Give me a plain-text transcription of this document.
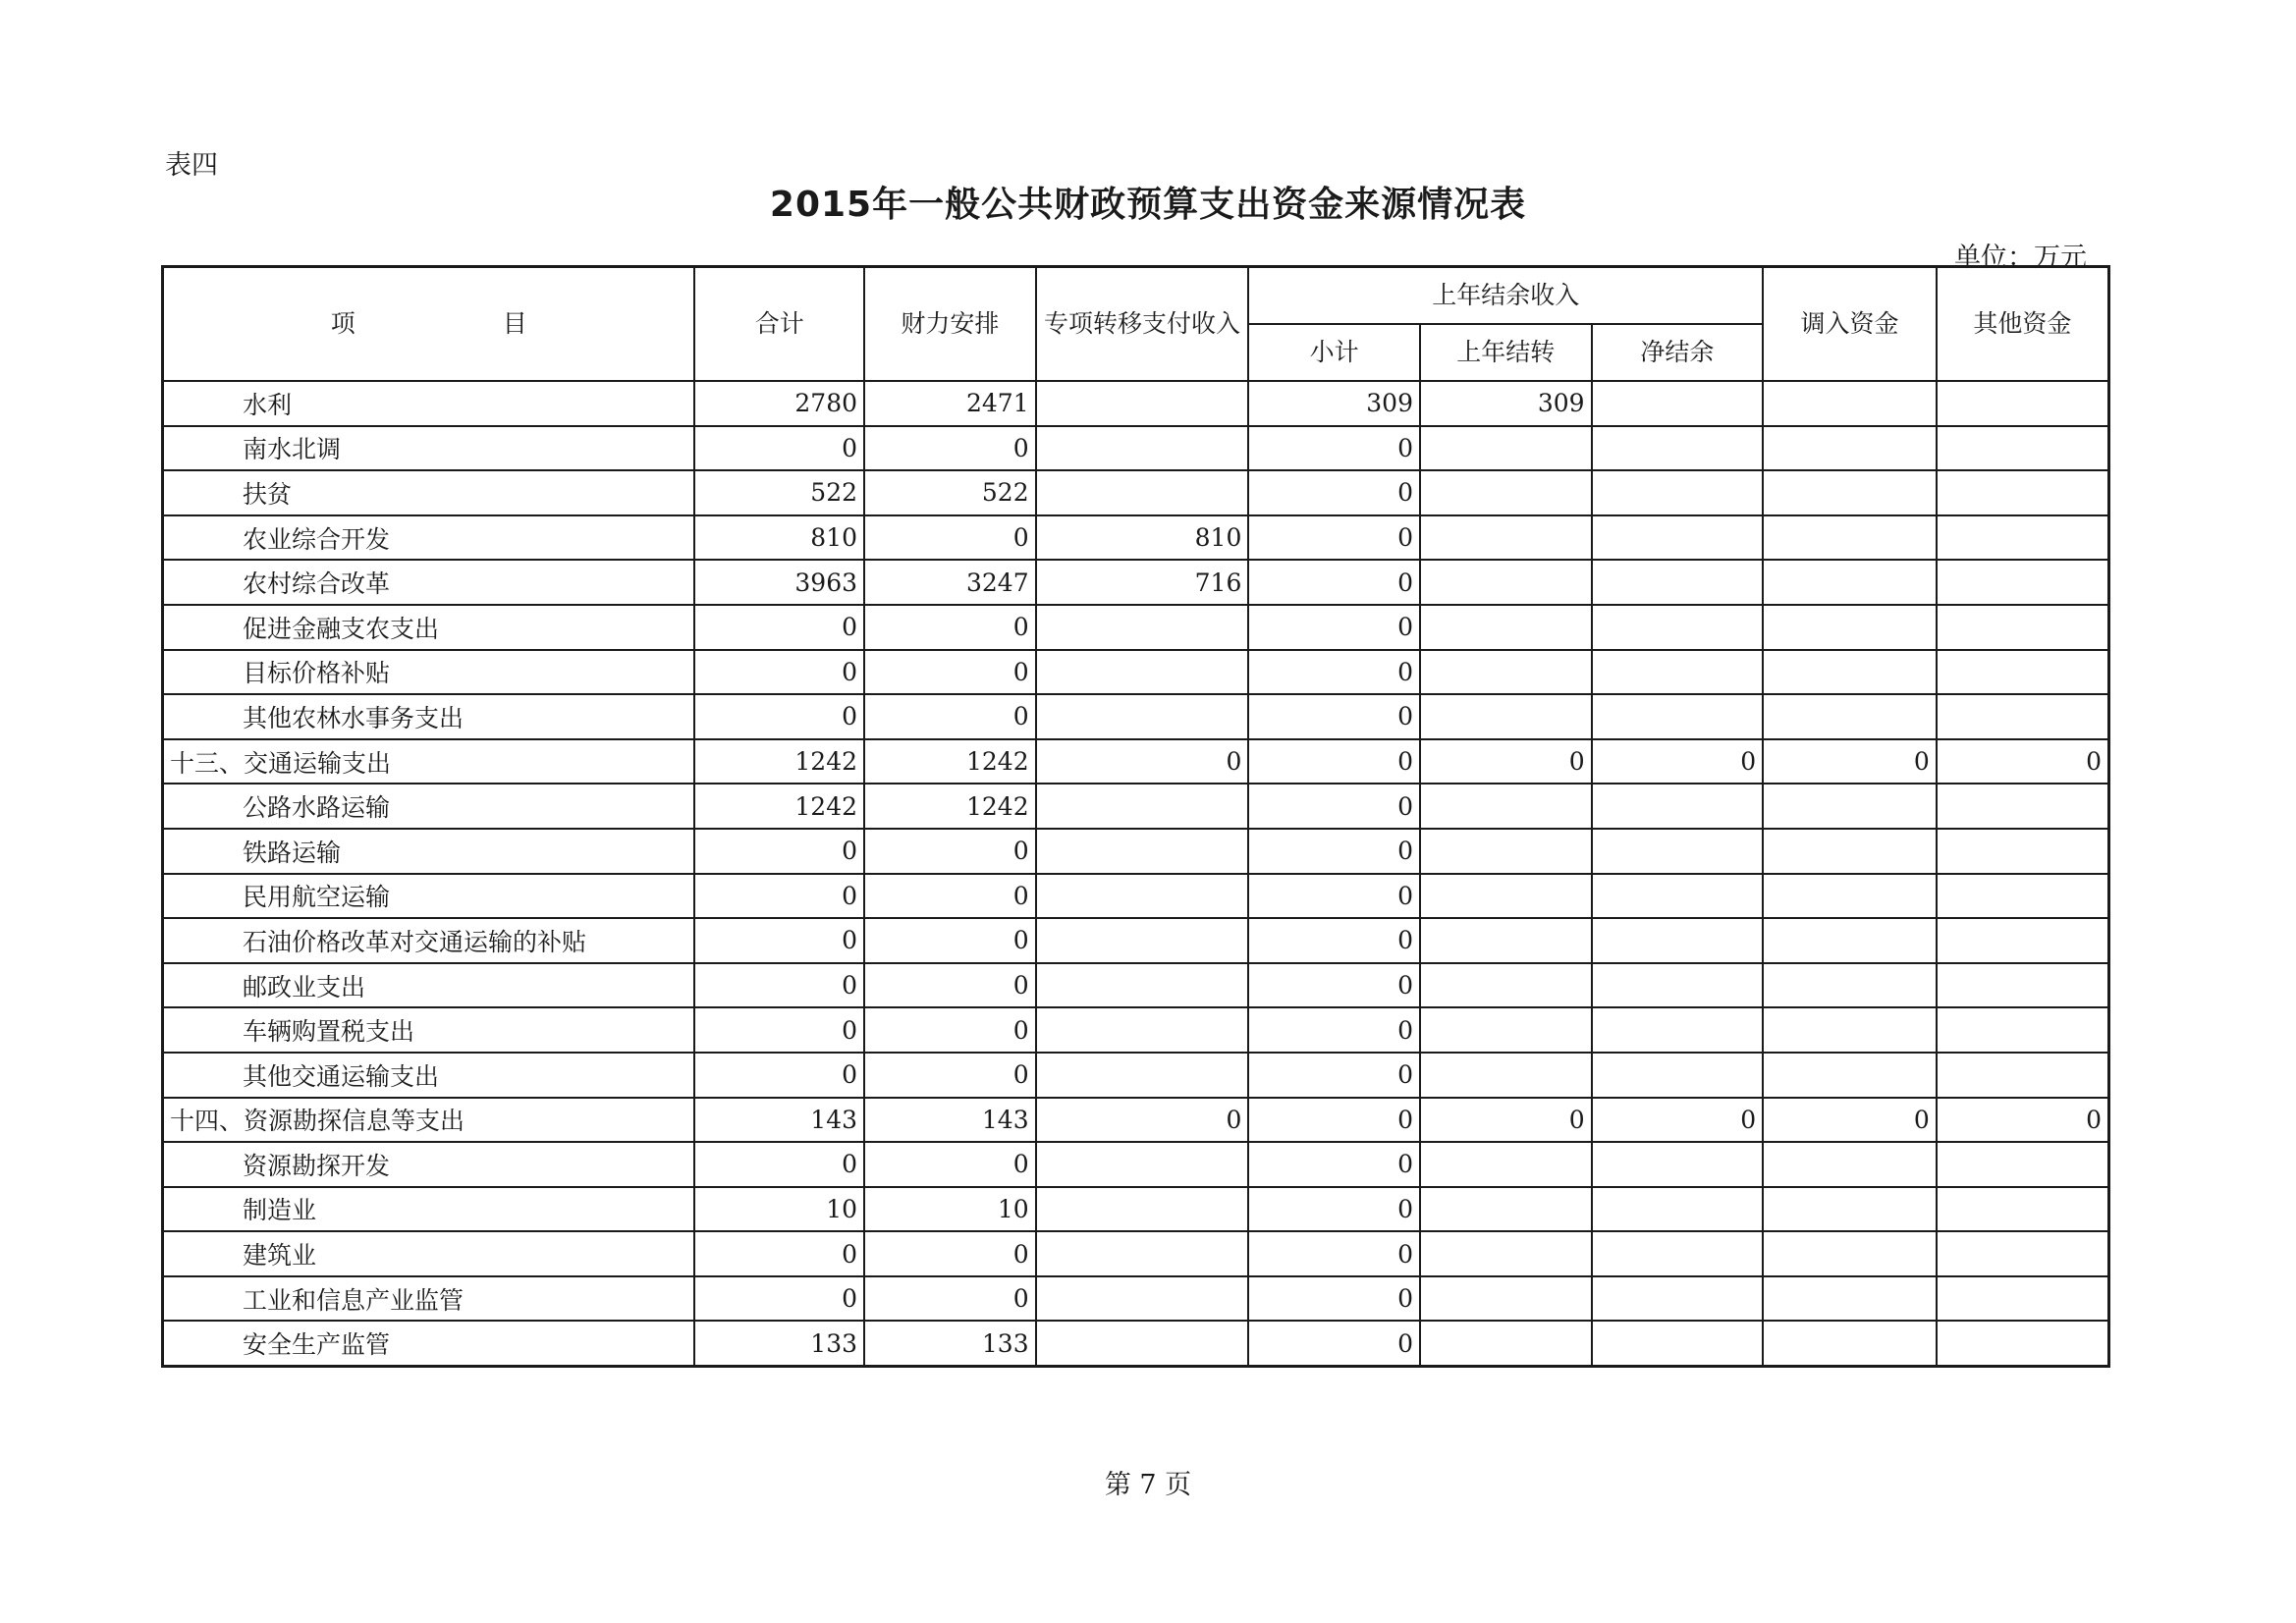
表四
2015年一般公共财政预算支出资金来源情况表
单位：万元
项 目	合计	财力安排	专项转移支付收入	上年结余收入			调入资金	其他资金
				小计	上年结转	净结余		
水利	2780	2471		309	309			
南水北调	0	0		0				
扶贫	522	522		0				
农业综合开发	810	0	810	0				
农村综合改革	3963	3247	716	0				
促进金融支农支出	0	0		0				
目标价格补贴	0	0		0				
其他农林水事务支出	0	0		0				
十三、交通运输支出	1242	1242	0	0	0	0	0	0
公路水路运输	1242	1242		0				
铁路运输	0	0		0				
民用航空运输	0	0		0				
石油价格改革对交通运输的补贴	0	0		0				
邮政业支出	0	0		0				
车辆购置税支出	0	0		0				
其他交通运输支出	0	0		0				
十四、资源勘探信息等支出	143	143	0	0	0	0	0	0
资源勘探开发	0	0		0				
制造业	10	10		0				
建筑业	0	0		0				
工业和信息产业监管	0	0		0				
安全生产监管	133	133		0				
第 7 页
